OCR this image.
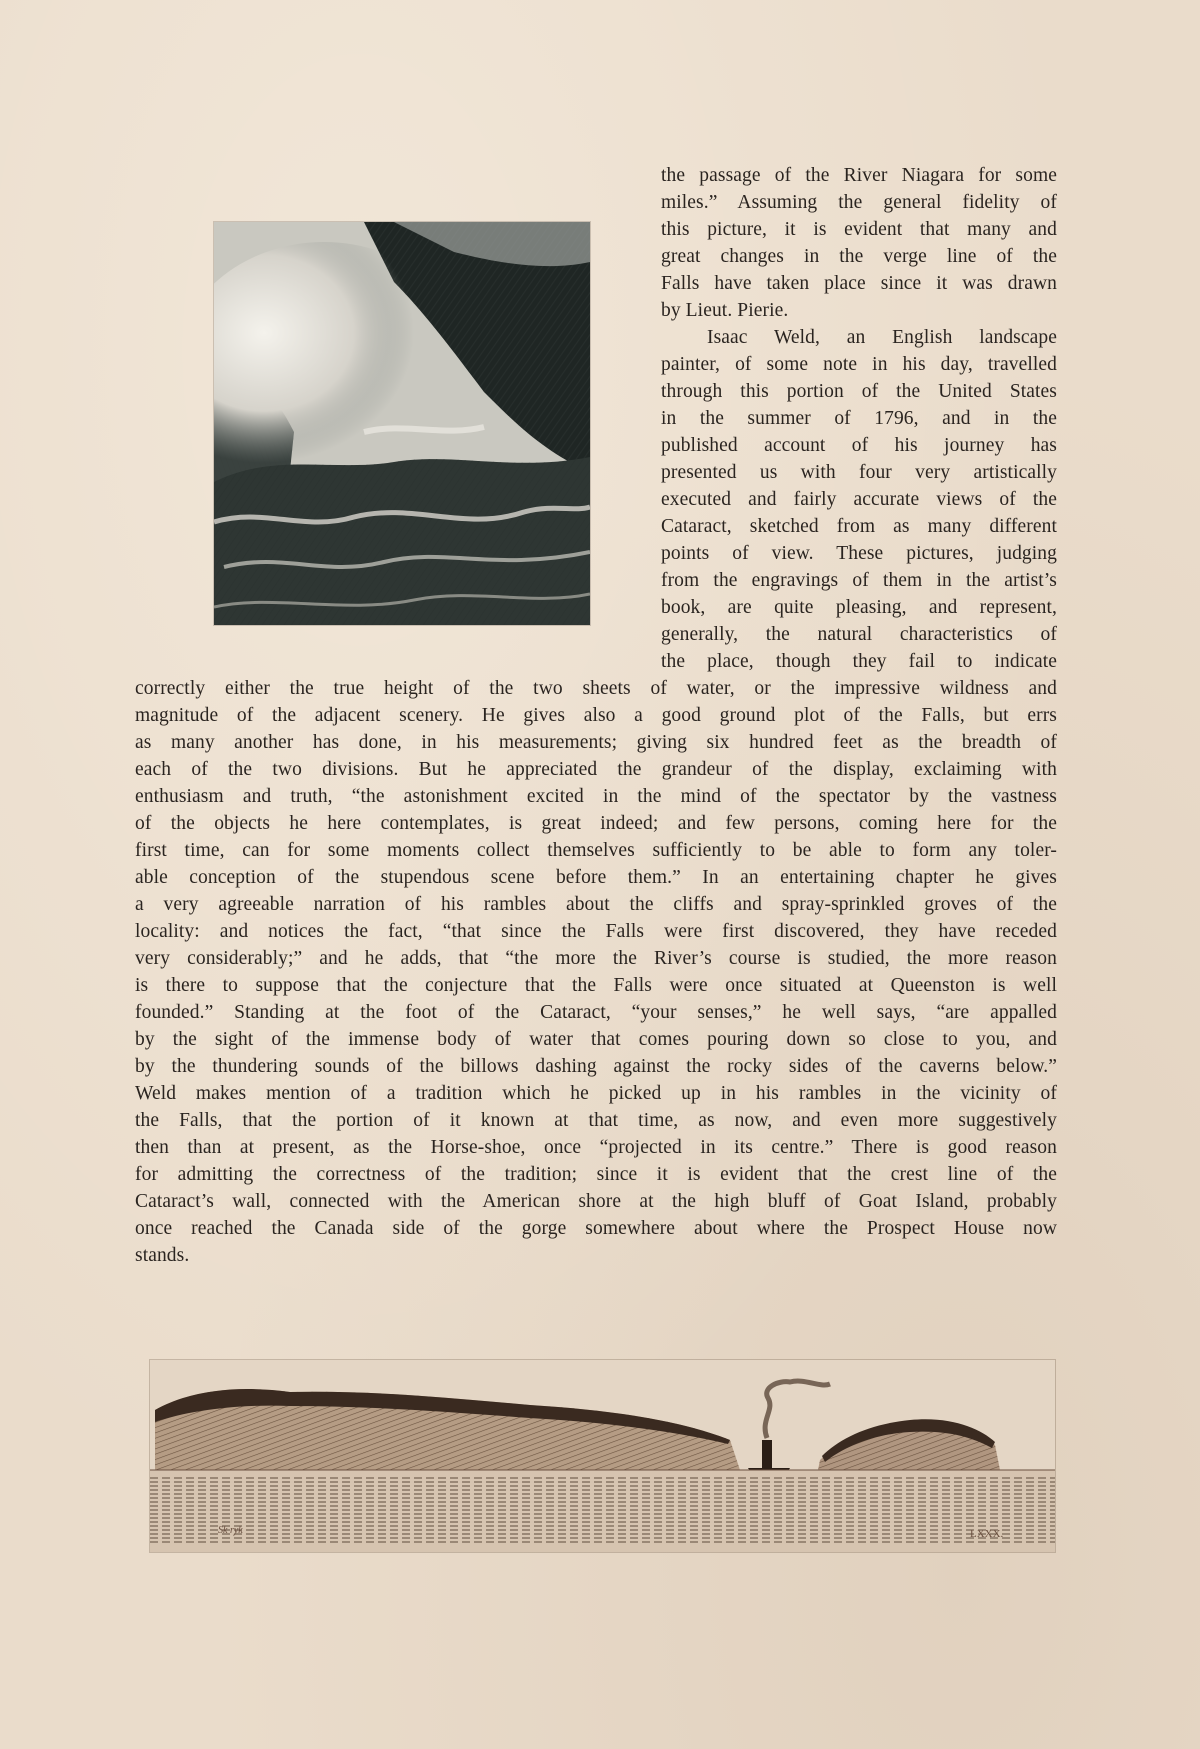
the passage of the River Niagara for some

miles.” Assuming the general fidelity of

this picture, it is evident that many and

great changes in the verge line of the

Falls have taken place since it was drawn

by Lieut. Pierie.

Isaac Weld, an English landscape

painter, of some note in his day, travelled

through this portion of the United States

in the summer of 1796, and in the

published account of his journey has

presented us with four very artistically

executed and fairly accurate views of the

Cataract, sketched from as many different

points of view. These pictures, judging

from the engravings of them in the artist’s

book, are quite pleasing, and represent,

generally, the natural characteristics of

the place, though they fail to indicate

correctly either the true height of the two sheets of water, or the impressive wildness and

magnitude of the adjacent scenery. He gives also a good ground plot of the Falls, but errs

as many another has done, in his measurements; giving six hundred feet as the breadth of

each of the two divisions. But he appreciated the grandeur of the display, exclaiming with

enthusiasm and truth, “the astonishment excited in the mind of the spectator by the vastness

of the objects he here contemplates, is great indeed; and few persons, coming here for the

first time, can for some moments collect themselves sufficiently to be able to form any toler-

able conception of the stupendous scene before them.” In an entertaining chapter he gives

a very agreeable narration of his rambles about the cliffs and spray-sprinkled groves of the

locality: and notices the fact, “that since the Falls were first discovered, they have receded

very considerably;” and he adds, that “the more the River’s course is studied, the more reason

is there to suppose that the conjecture that the Falls were once situated at Queenston is well

founded.” Standing at the foot of the Cataract, “your senses,” he well says, “are appalled

by the sight of the immense body of water that comes pouring down so close to you, and

by the thundering sounds of the billows dashing against the rocky sides of the caverns below.”

Weld makes mention of a tradition which he picked up in his rambles in the vicinity of

the Falls, that the portion of it known at that time, as now, and even more suggestively

then than at present, as the Horse-shoe, once “projected in its centre.” There is good reason

for admitting the correctness of the tradition; since it is evident that the crest line of the

Cataract’s wall, connected with the American shore at the high bluff of Goat Island, probably

once reached the Canada side of the gorge somewhere about where the Prospect House now

stands.

Sk ryk	LXXX.
